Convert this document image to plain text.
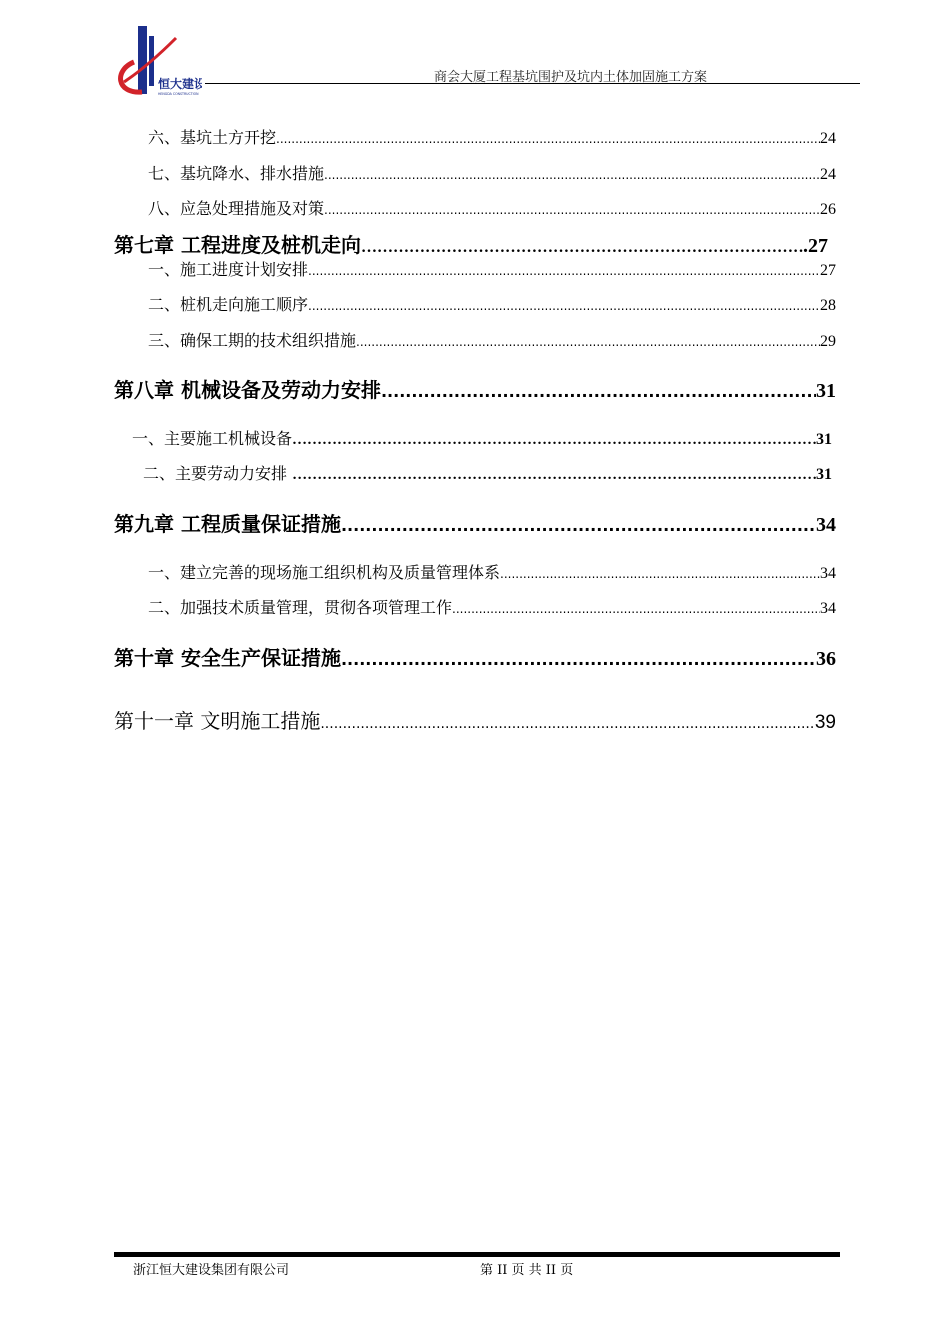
恒大建设
HENGDA CONSTRUCTION
商会大厦工程基坑围护及坑内土体加固施工方案
六、基坑土方开挖 .....	24
七、基坑降水、排水措施 .....	24
八、应急处理措施及对策 .....	26
第七章 工程进度及桩机走向 …………………………………………………………………………………………………………	.27
一、施工进度计划安排 .....	27
二、桩机走向施工顺序 .....	28
三、确保工期的技术组织措施 .....	29
第八章 机械设备及劳动力安排 .....	31
一、主要施工机械设备 ………………………………………………………………………………………………………………	31
二、主要劳动力安排 ………………………………………………………………………………………………………………	31
第九章 工程质量保证措施 .....	34
一、建立完善的现场施工组织机构及质量管理体系 .....	34
二、加强技术质量管理，贯彻各项管理工作 .....	34
第十章 安全生产保证措施 .....	36
第十一章 文明施工措施 .....	39
浙江恒大建设集团有限公司	第 II 页 共 II 页
